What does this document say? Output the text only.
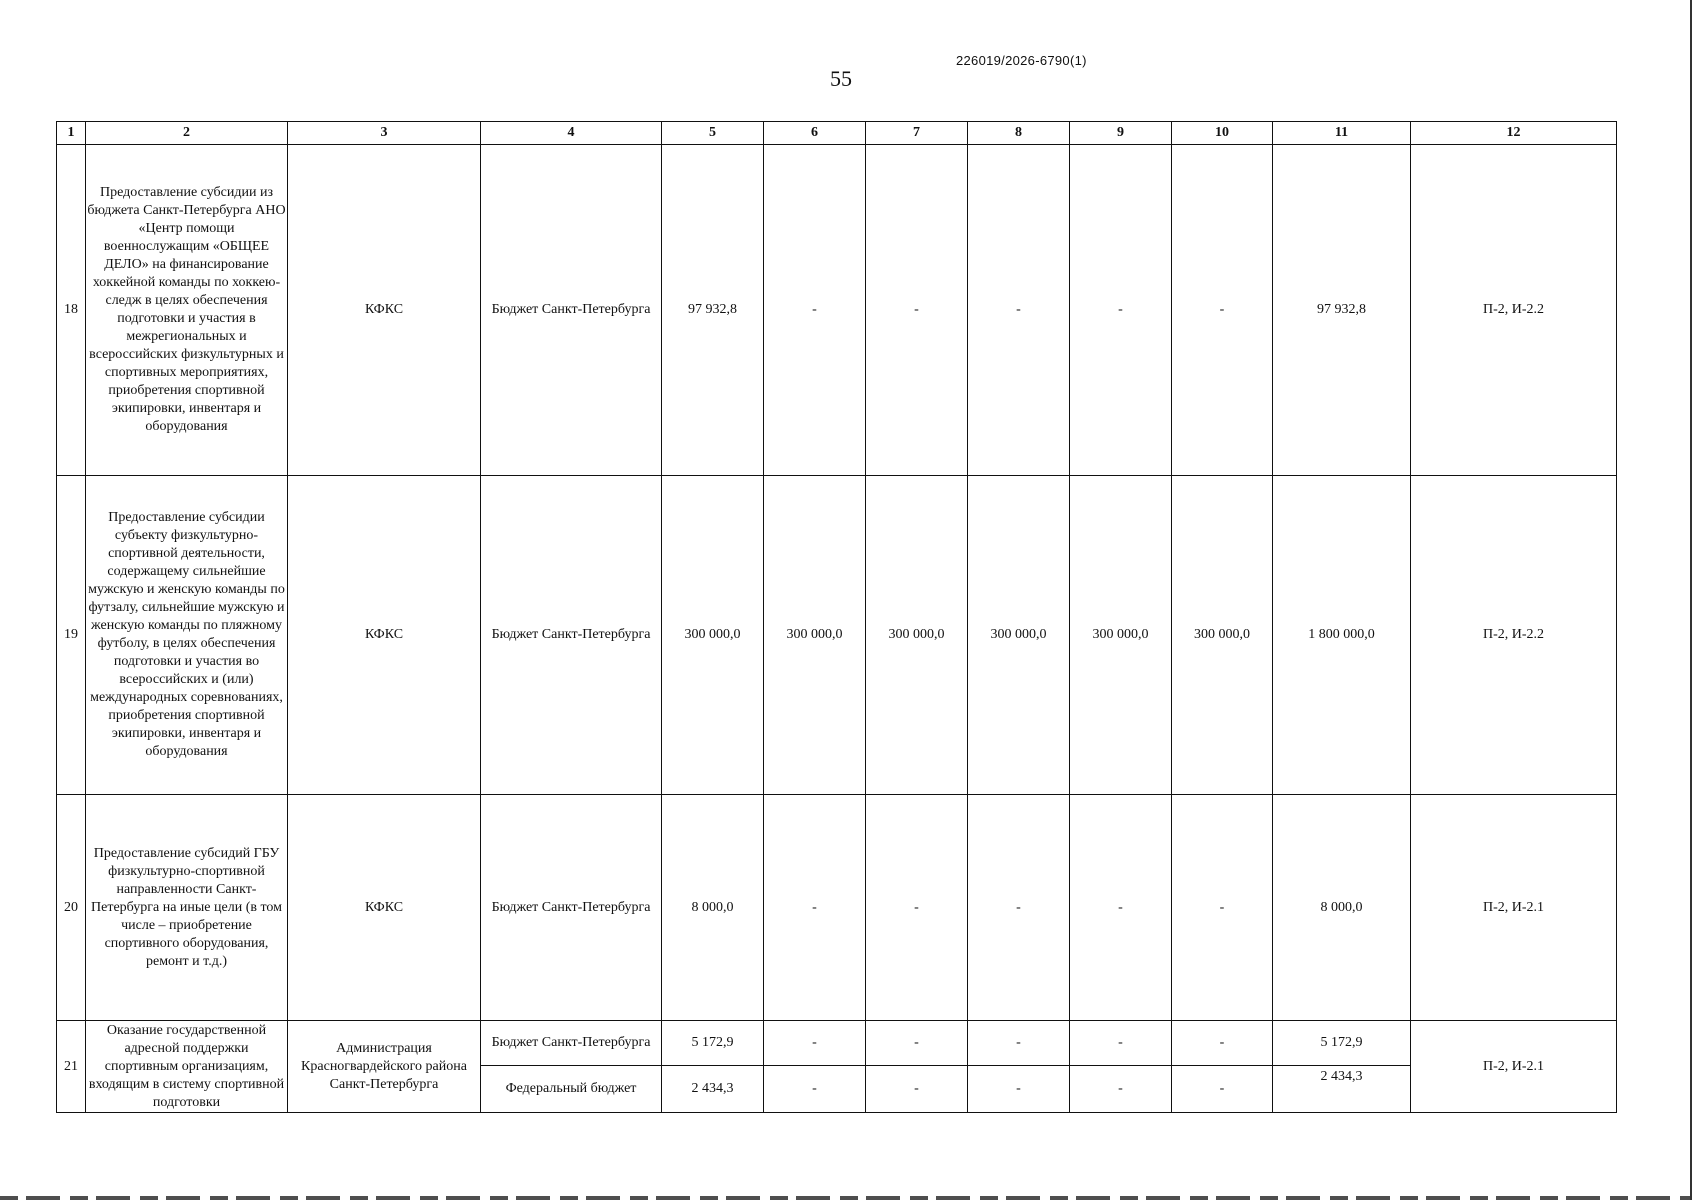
226019/2026-6790(1)
55
1	2	3	4	5	6	7	8	9	10	11	12
18	Предоставление субсидии из бюджета Санкт-Петербурга АНО «Центр помощи военнослужащим «ОБЩЕЕ ДЕЛО» на финансирование хоккейной команды по хоккею-следж в целях обеспечения подготовки и участия в межрегиональных и всероссийских физкультурных и спортивных мероприятиях, приобретения спортивной экипировки, инвентаря и оборудования	КФКС	Бюджет Санкт-Петербурга	97 932,8	-	-	-	-	-	97 932,8	П-2, И-2.2
19	Предоставление субсидии субъекту физкультурно-спортивной деятельности, содержащему сильнейшие мужскую и женскую команды по футзалу, сильнейшие мужскую и женскую команды по пляжному футболу, в целях обеспечения подготовки и участия во всероссийских и (или) международных соревнованиях, приобретения спортивной экипировки, инвентаря и оборудования	КФКС	Бюджет Санкт-Петербурга	300 000,0	300 000,0	300 000,0	300 000,0	300 000,0	300 000,0	1 800 000,0	П-2, И-2.2
20	Предоставление субсидий ГБУ физкультурно-спортивной направленности Санкт-Петербурга на иные цели (в том числе – приобретение спортивного оборудования, ремонт и т.д.)	КФКС	Бюджет Санкт-Петербурга	8 000,0	-	-	-	-	-	8 000,0	П-2, И-2.1
21	Оказание государственной адресной поддержки спортивным организациям, входящим в систему спортивной подготовки	Администрация Красногвардейского района Санкт-Петербурга	Бюджет Санкт-Петербурга	5 172,9	-	-	-	-	-	5 172,9	П-2, И-2.1
			Федеральный бюджет	2 434,3	-	-	-	-	-	2 434,3	
